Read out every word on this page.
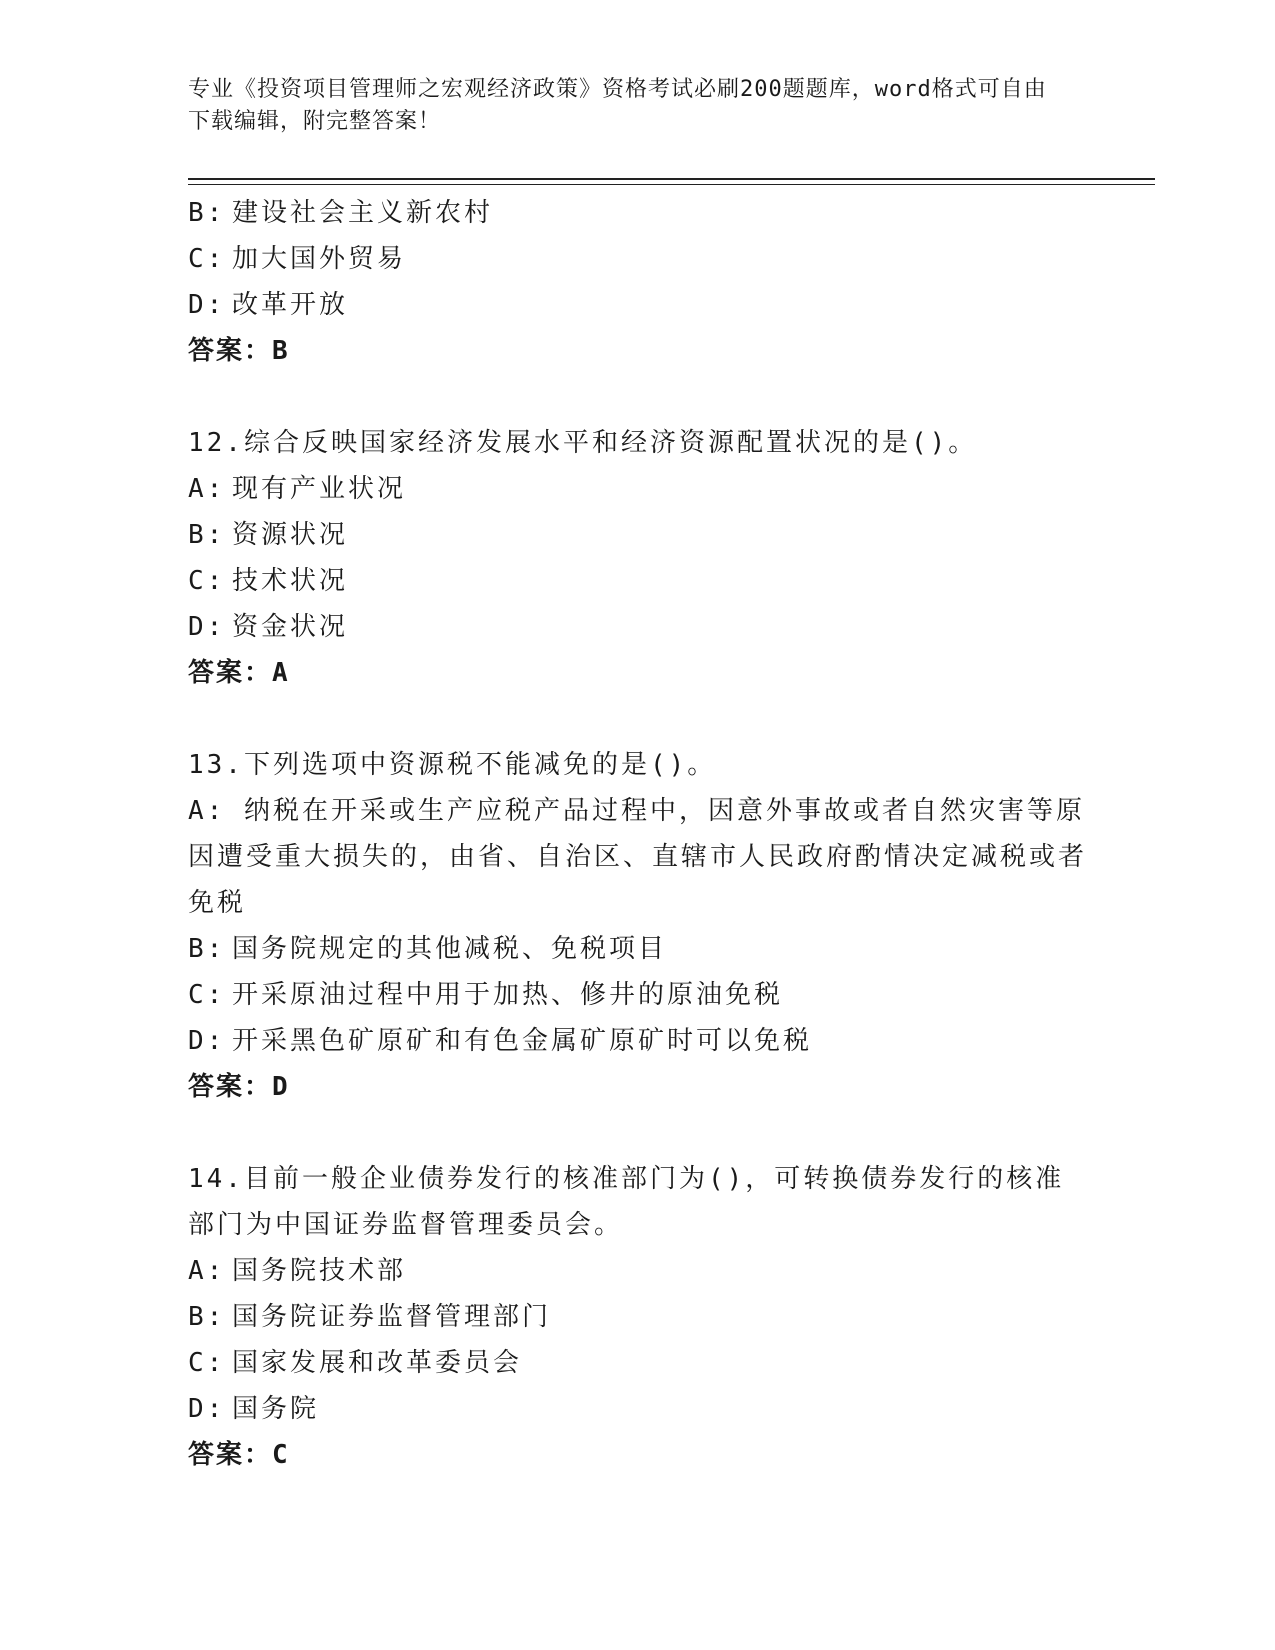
专业《投资项目管理师之宏观经济政策》资格考试必刷200题题库，word格式可自由下载编辑，附完整答案！
B: 建设社会主义新农村
C: 加大国外贸易
D: 改革开放
答案：B
12.综合反映国家经济发展水平和经济资源配置状况的是()。
A: 现有产业状况
B: 资源状况
C: 技术状况
D: 资金状况
答案：A
13.下列选项中资源税不能减免的是()。
A: 纳税在开采或生产应税产品过程中，因意外事故或者自然灾害等原因遭受重大损失的，由省、自治区、直辖市人民政府酌情决定减税或者免税
B: 国务院规定的其他减税、免税项目
C: 开采原油过程中用于加热、修井的原油免税
D: 开采黑色矿原矿和有色金属矿原矿时可以免税
答案：D
14.目前一般企业债券发行的核准部门为()，可转换债券发行的核准部门为中国证券监督管理委员会。
A: 国务院技术部
B: 国务院证券监督管理部门
C: 国家发展和改革委员会
D: 国务院
答案：C
